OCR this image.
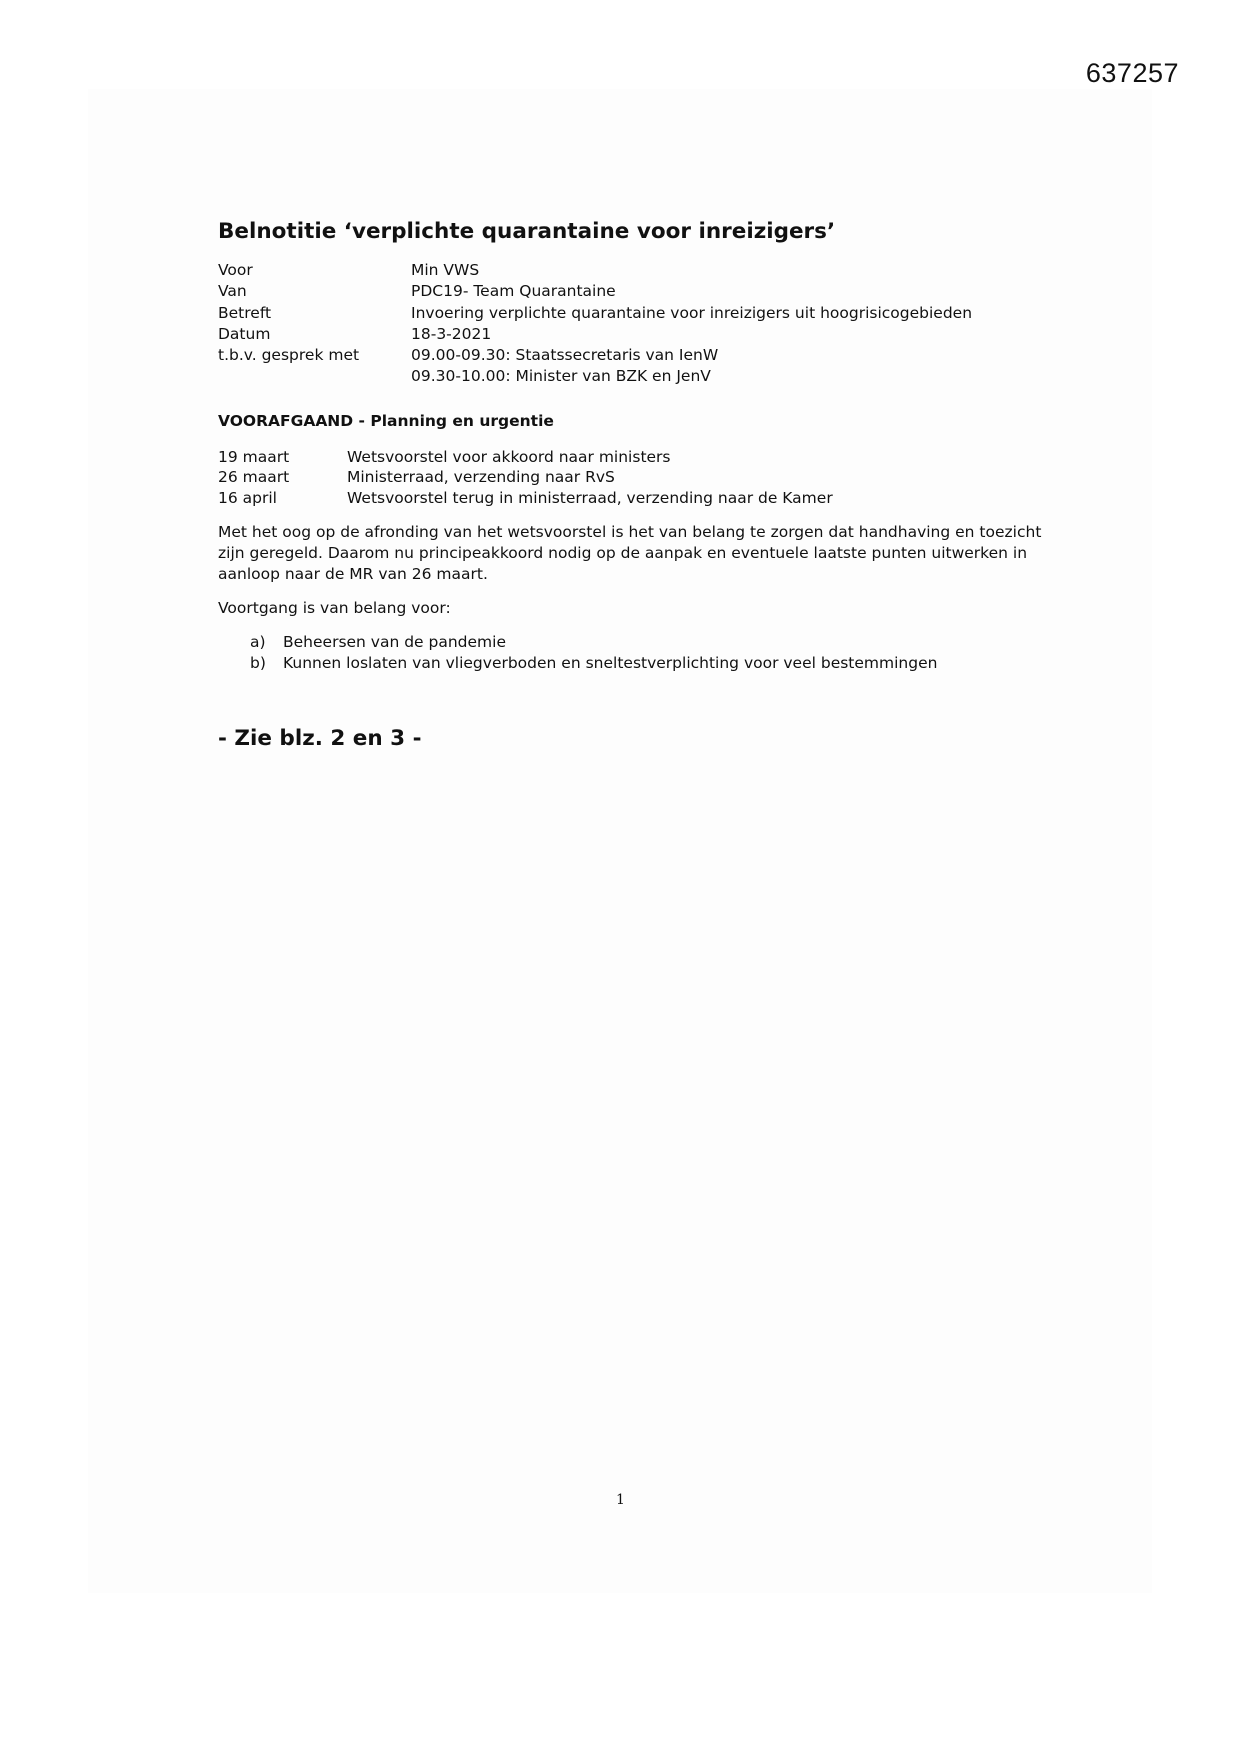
637257
Belnotitie ‘verplichte quarantaine voor inreizigers’
Voor	Min VWS
Van	PDC19- Team Quarantaine
Betreft	Invoering verplichte quarantaine voor inreizigers uit hoogrisicogebieden
Datum	18-3-2021
t.b.v. gesprek met	09.00-09.30: Staatssecretaris van IenW
09.30-10.00: Minister van BZK en JenV
VOORAFGAAND - Planning en urgentie
19 maart	Wetsvoorstel voor akkoord naar ministers
26 maart	Ministerraad, verzending naar RvS
16 april	Wetsvoorstel terug in ministerraad, verzending naar de Kamer

Met het oog op de afronding van het wetsvoorstel is het van belang te zorgen dat handhaving en toezicht zijn geregeld. Daarom nu principeakkoord nodig op de aanpak en eventuele laatste punten uitwerken in aanloop naar de MR van 26 maart.

Voortgang is van belang voor:

a)	Beheersen van de pandemie
b)	Kunnen loslaten van vliegverboden en sneltestverplichting voor veel bestemmingen
- Zie blz. 2 en 3 -
1
